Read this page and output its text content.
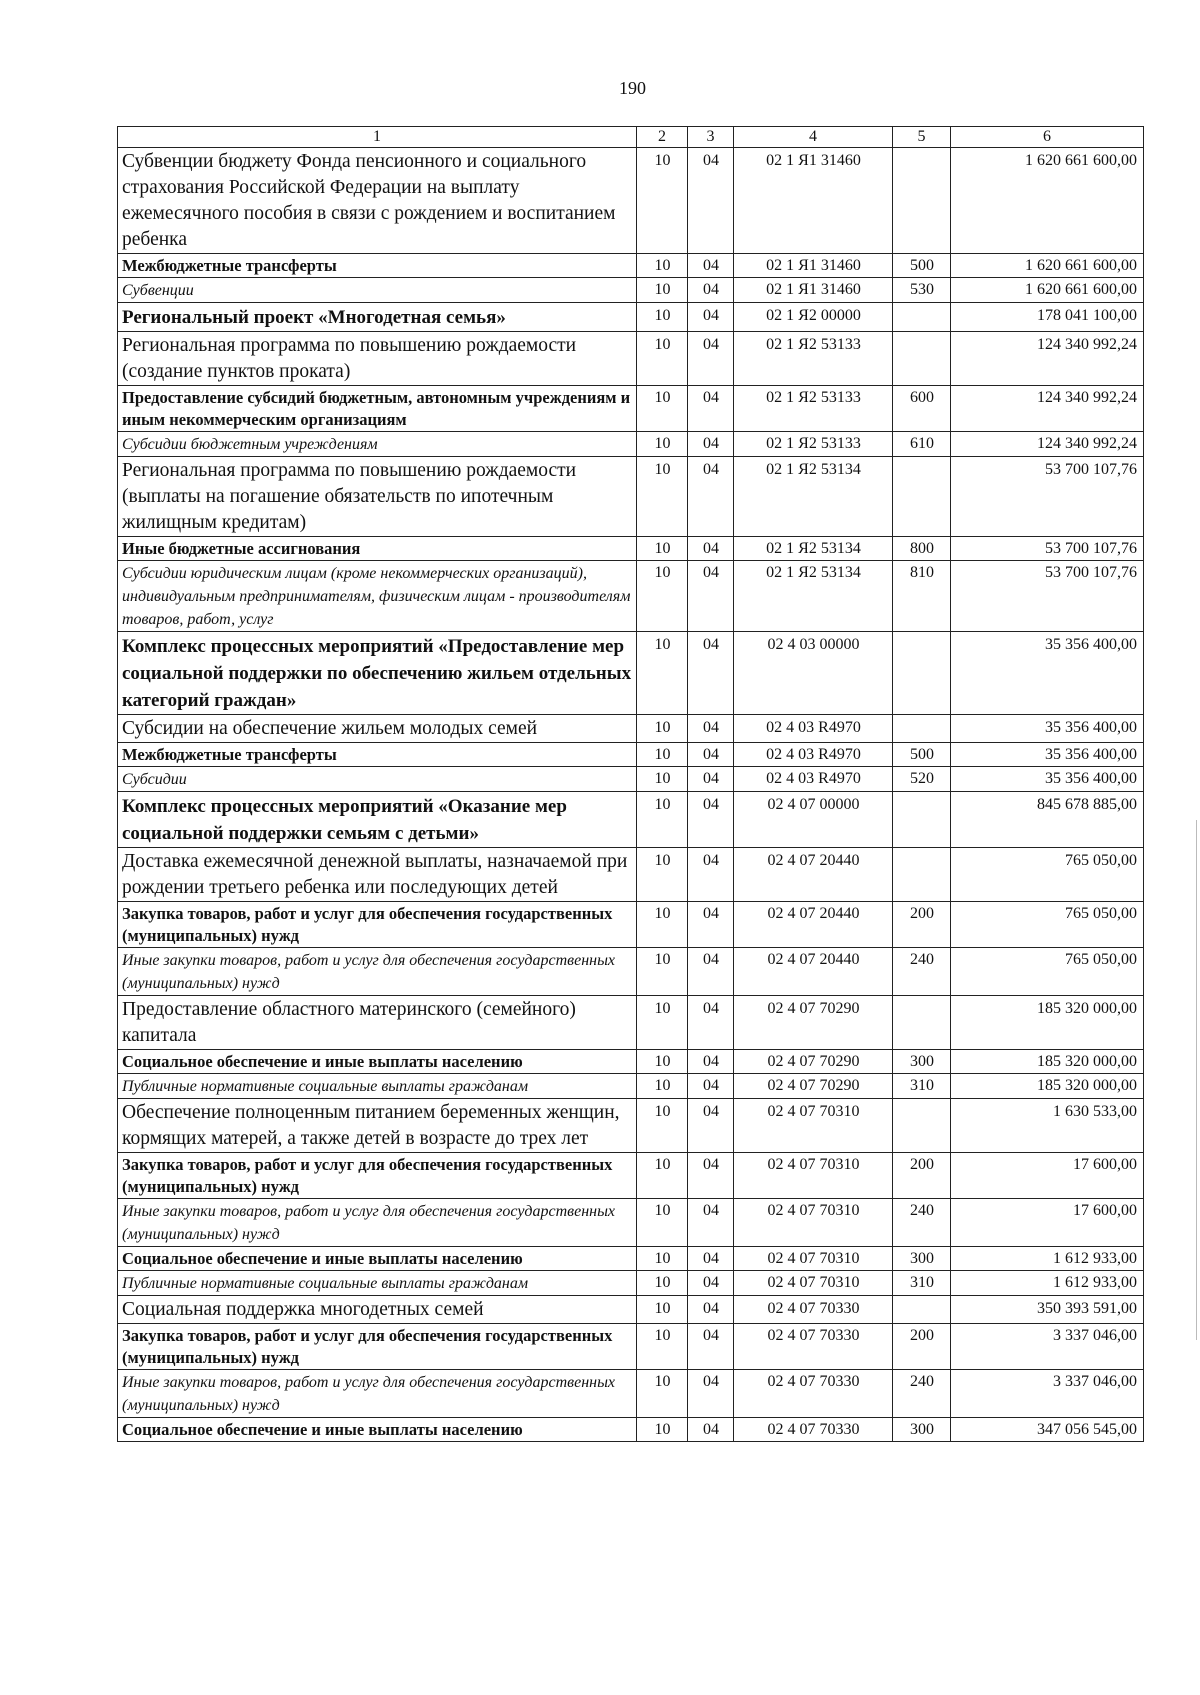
190
1	2	3	4	5	6
Субвенции бюджету Фонда пенсионного и социального страхования Российской Федерации на выплату ежемесячного пособия в связи с рождением и воспитанием ребенка	10	04	02 1 Я1 31460		1 620 661 600,00
Межбюджетные трансферты	10	04	02 1 Я1 31460	500	1 620 661 600,00
Субвенции	10	04	02 1 Я1 31460	530	1 620 661 600,00
Региональный проект «Многодетная семья»	10	04	02 1 Я2 00000		178 041 100,00
Региональная программа по повышению рождаемости (создание пунктов проката)	10	04	02 1 Я2 53133		124 340 992,24
Предоставление субсидий бюджетным, автономным учреждениям и иным некоммерческим организациям	10	04	02 1 Я2 53133	600	124 340 992,24
Субсидии бюджетным учреждениям	10	04	02 1 Я2 53133	610	124 340 992,24
Региональная программа по повышению рождаемости (выплаты на погашение обязательств по ипотечным жилищным кредитам)	10	04	02 1 Я2 53134		53 700 107,76
Иные бюджетные ассигнования	10	04	02 1 Я2 53134	800	53 700 107,76
Субсидии юридическим лицам (кроме некоммерческих организаций), индивидуальным предпринимателям, физическим лицам - производителям товаров, работ, услуг	10	04	02 1 Я2 53134	810	53 700 107,76
Комплекс процессных мероприятий «Предоставление мер социальной поддержки по обеспечению жильем отдельных категорий граждан»	10	04	02 4 03 00000		35 356 400,00
Субсидии на обеспечение жильем молодых семей	10	04	02 4 03 R4970		35 356 400,00
Межбюджетные трансферты	10	04	02 4 03 R4970	500	35 356 400,00
Субсидии	10	04	02 4 03 R4970	520	35 356 400,00
Комплекс процессных мероприятий «Оказание мер социальной поддержки семьям с детьми»	10	04	02 4 07 00000		845 678 885,00
Доставка ежемесячной денежной выплаты, назначаемой при рождении третьего ребенка или последующих детей	10	04	02 4 07 20440		765 050,00
Закупка товаров, работ и услуг для обеспечения государственных (муниципальных) нужд	10	04	02 4 07 20440	200	765 050,00
Иные закупки товаров, работ и услуг для обеспечения государственных (муниципальных) нужд	10	04	02 4 07 20440	240	765 050,00
Предоставление областного материнского (семейного) капитала	10	04	02 4 07 70290		185 320 000,00
Социальное обеспечение и иные выплаты населению	10	04	02 4 07 70290	300	185 320 000,00
Публичные нормативные социальные выплаты гражданам	10	04	02 4 07 70290	310	185 320 000,00
Обеспечение полноценным питанием беременных женщин, кормящих матерей, а также детей в возрасте до трех лет	10	04	02 4 07 70310		1 630 533,00
Закупка товаров, работ и услуг для обеспечения государственных (муниципальных) нужд	10	04	02 4 07 70310	200	17 600,00
Иные закупки товаров, работ и услуг для обеспечения государственных (муниципальных) нужд	10	04	02 4 07 70310	240	17 600,00
Социальное обеспечение и иные выплаты населению	10	04	02 4 07 70310	300	1 612 933,00
Публичные нормативные социальные выплаты гражданам	10	04	02 4 07 70310	310	1 612 933,00
Социальная поддержка многодетных семей	10	04	02 4 07 70330		350 393 591,00
Закупка товаров, работ и услуг для обеспечения государственных (муниципальных) нужд	10	04	02 4 07 70330	200	3 337 046,00
Иные закупки товаров, работ и услуг для обеспечения государственных (муниципальных) нужд	10	04	02 4 07 70330	240	3 337 046,00
Социальное обеспечение и иные выплаты населению	10	04	02 4 07 70330	300	347 056 545,00
